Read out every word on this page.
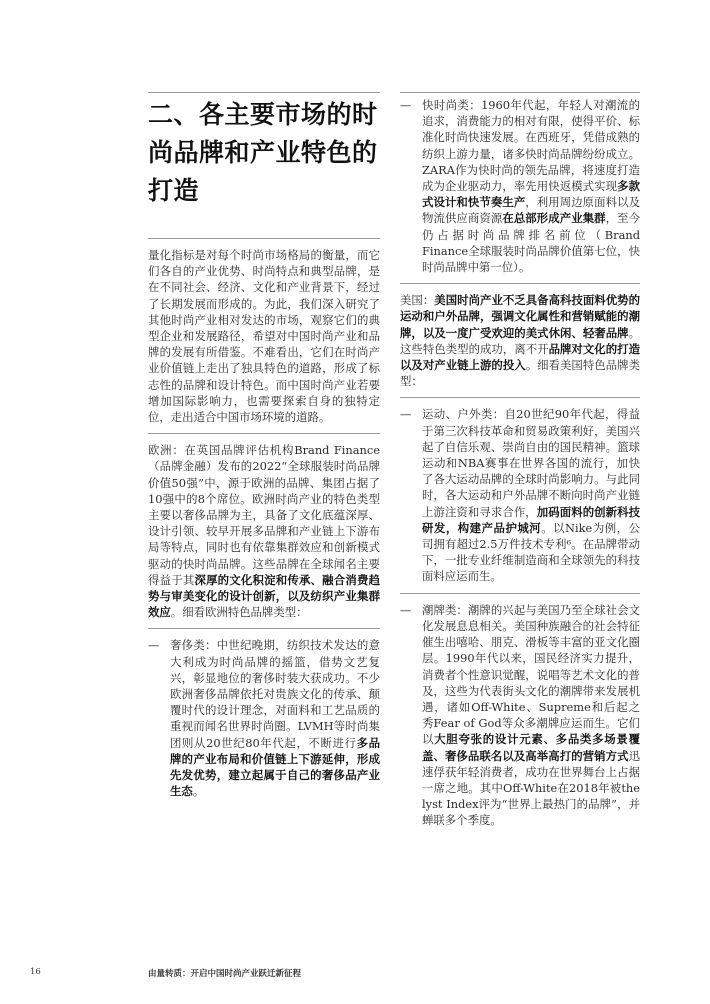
二、各主要市场的时尚品牌和产业特色的打造

量化指标是对每个时尚市场格局的衡量，而它们各自的产业优势、时尚特点和典型品牌，是在不同社会、经济、文化和产业背景下，经过了长期发展而形成的。为此，我们深入研究了其他时尚产业相对发达的市场，观察它们的典型企业和发展路径，希望对中国时尚产业和品牌的发展有所借鉴。不难看出，它们在时尚产业价值链上走出了独具特色的道路，形成了标志性的品牌和设计特色。而中国时尚产业若要增加国际影响力，也需要探索自身的独特定位，走出适合中国市场环境的道路。

欧洲：在英国品牌评估机构Brand Finance（品牌金融）发布的2022“全球服装时尚品牌价值50强”中，源于欧洲的品牌、集团占据了10强中的8个席位。欧洲时尚产业的特色类型主要以奢侈品牌为主，具备了文化底蕴深厚、设计引领、较早开展多品牌和产业链上下游布局等特点，同时也有依靠集群效应和创新模式驱动的快时尚品牌。这些品牌在全球闻名主要得益于其深厚的文化积淀和传承、融合消费趋势与审美变化的设计创新，以及纺织产业集群效应。细看欧洲特色品牌类型：

— 奢侈类：中世纪晚期，纺织技术发达的意大利成为时尚品牌的摇篮，借势文艺复兴，彰显地位的奢侈时装大获成功。不少欧洲奢侈品牌依托对贵族文化的传承、颠覆时代的设计理念，对面料和工艺品质的重视而闻名世界时尚圈。LVMH等时尚集团则从20世纪80年代起，不断进行多品牌的产业布局和价值链上下游延伸，形成先发优势，建立起属于自己的奢侈品产业生态。

— 快时尚类：1960年代起，年轻人对潮流的追求，消费能力的相对有限，使得平价、标准化时尚快速发展。在西班牙，凭借成熟的纺织上游力量，诸多快时尚品牌纷纷成立。ZARA作为快时尚的领先品牌，将速度打造成为企业驱动力，率先用快返模式实现多款式设计和快节奏生产，利用周边原面料以及物流供应商资源在总部形成产业集群，至今仍占据时尚品牌排名前位（Brand Finance全球服装时尚品牌价值第七位，快时尚品牌中第一位）。

美国：美国时尚产业不乏具备高科技面料优势的运动和户外品牌，强调文化属性和营销赋能的潮牌，以及一度广受欢迎的美式休闲、轻奢品牌。这些特色类型的成功，离不开品牌对文化的打造以及对产业链上游的投入。细看美国特色品牌类型：

— 运动、户外类：自20世纪90年代起，得益于第三次科技革命和贸易政策利好，美国兴起了自信乐观、崇尚自由的国民精神。篮球运动和NBA赛事在世界各国的流行，加快了各大运动品牌的全球时尚影响力。与此同时，各大运动和户外品牌不断向时尚产业链上游注资和寻求合作，加码面料的创新科技研发，构建产品护城河。以Nike为例，公司拥有超过2.5万件技术专利⁶。在品牌带动下，一批专业纤维制造商和全球领先的科技面料应运而生。

— 潮牌类：潮牌的兴起与美国乃至全球社会文化发展息息相关。美国种族融合的社会特征催生出嘻哈、朋克、滑板等丰富的亚文化圈层。1990年代以来，国民经济实力提升，消费者个性意识觉醒，说唱等艺术文化的普及，这些为代表街头文化的潮牌带来发展机遇，诸如Off-White、Supreme和后起之秀Fear of God等众多潮牌应运而生。它们以大胆夸张的设计元素、多品类多场景覆盖、奢侈品联名以及高举高打的营销方式迅速俘获年轻消费者，成功在世界舞台上占据一席之地。其中Off-White在2018年被the lyst Index评为“世界上最热门的品牌”，并蝉联多个季度。

16	由量转质：开启中国时尚产业跃迁新征程
